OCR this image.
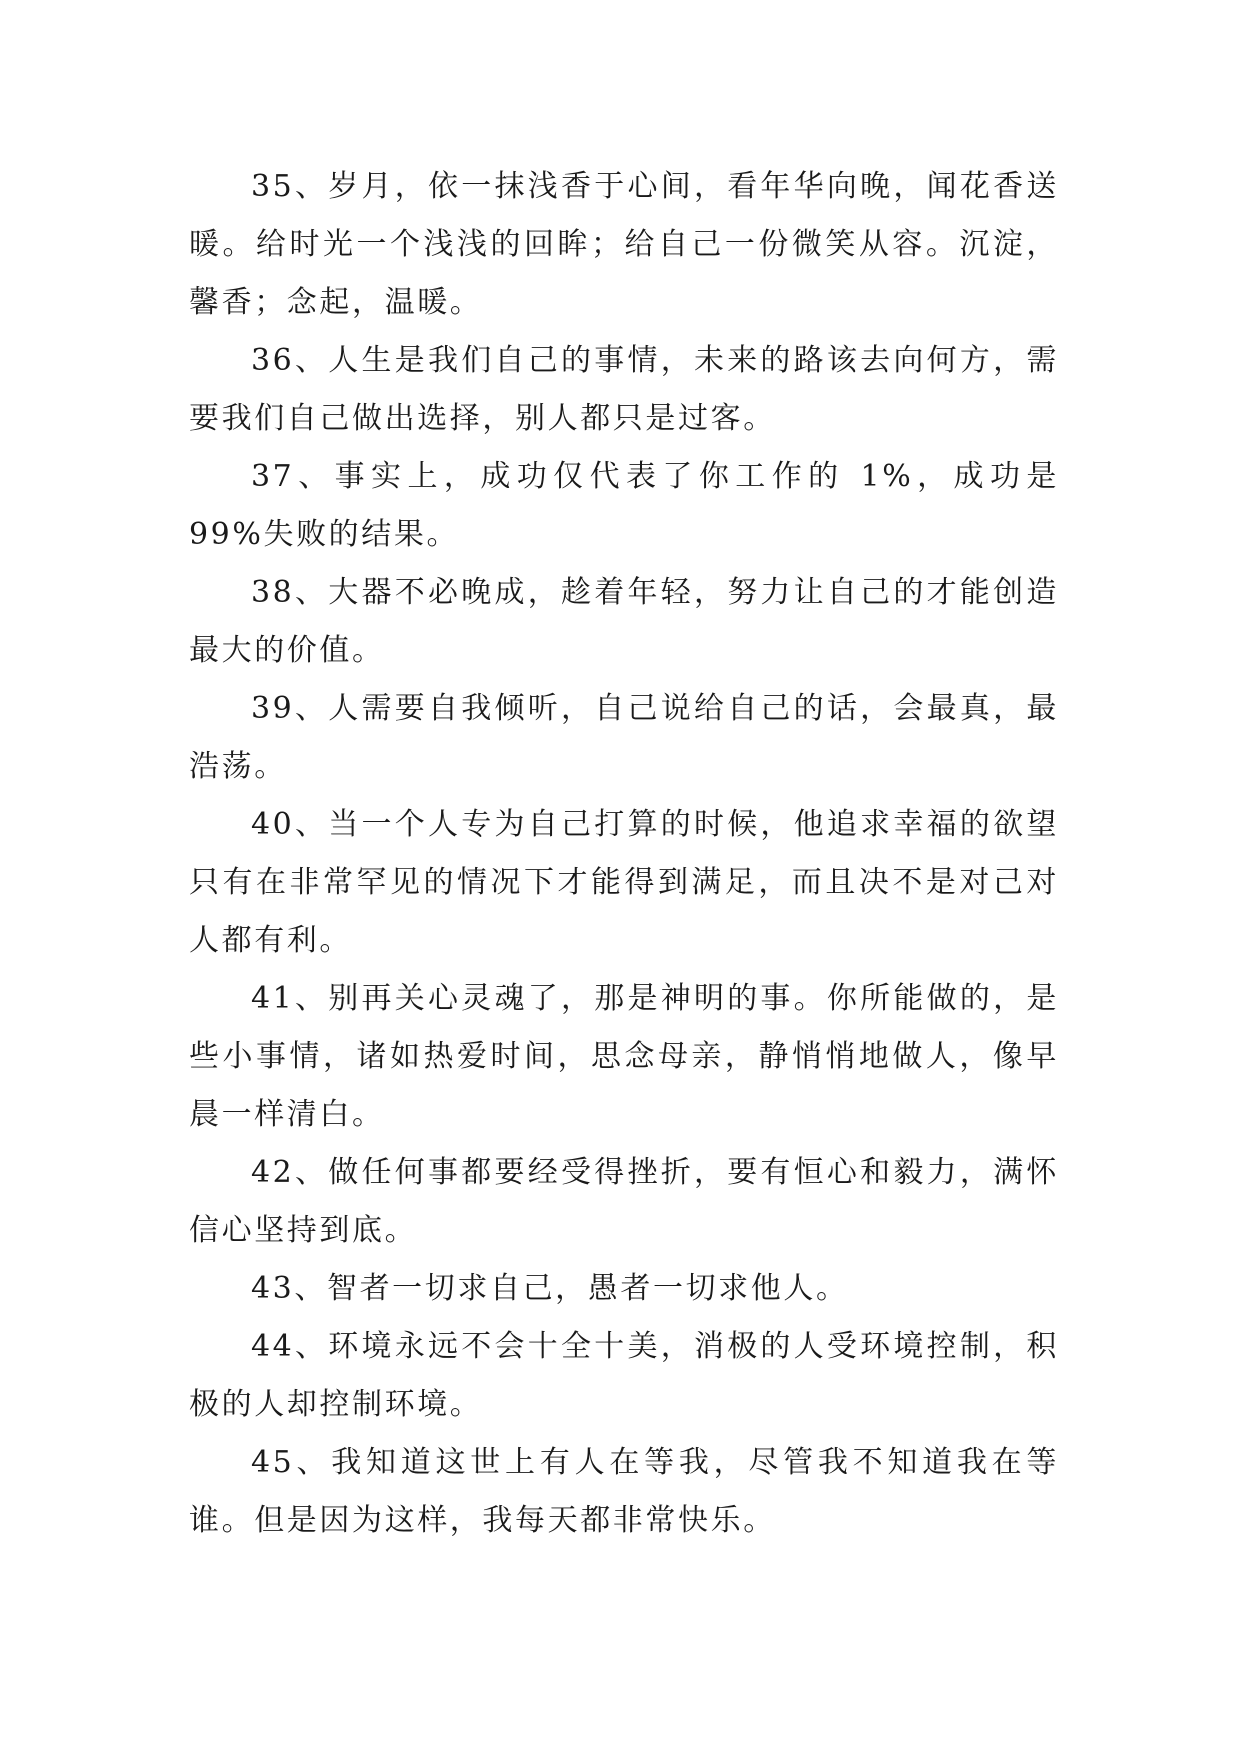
35、岁月，依一抹浅香于心间，看年华向晚，闻花香送暖。给时光一个浅浅的回眸；给自己一份微笑从容。沉淀，馨香；念起，温暖。

36、人生是我们自己的事情，未来的路该去向何方，需要我们自己做出选择，别人都只是过客。

37、事实上，成功仅代表了你工作的 1%，成功是 99%失败的结果。

38、大器不必晚成，趁着年轻，努力让自己的才能创造最大的价值。

39、人需要自我倾听，自己说给自己的话，会最真，最浩荡。

40、当一个人专为自己打算的时候，他追求幸福的欲望只有在非常罕见的情况下才能得到满足，而且决不是对己对人都有利。

41、别再关心灵魂了，那是神明的事。你所能做的，是些小事情，诸如热爱时间，思念母亲，静悄悄地做人，像早晨一样清白。

42、做任何事都要经受得挫折，要有恒心和毅力，满怀信心坚持到底。

43、智者一切求自己，愚者一切求他人。

44、环境永远不会十全十美，消极的人受环境控制，积极的人却控制环境。

45、我知道这世上有人在等我，尽管我不知道我在等谁。但是因为这样，我每天都非常快乐。
